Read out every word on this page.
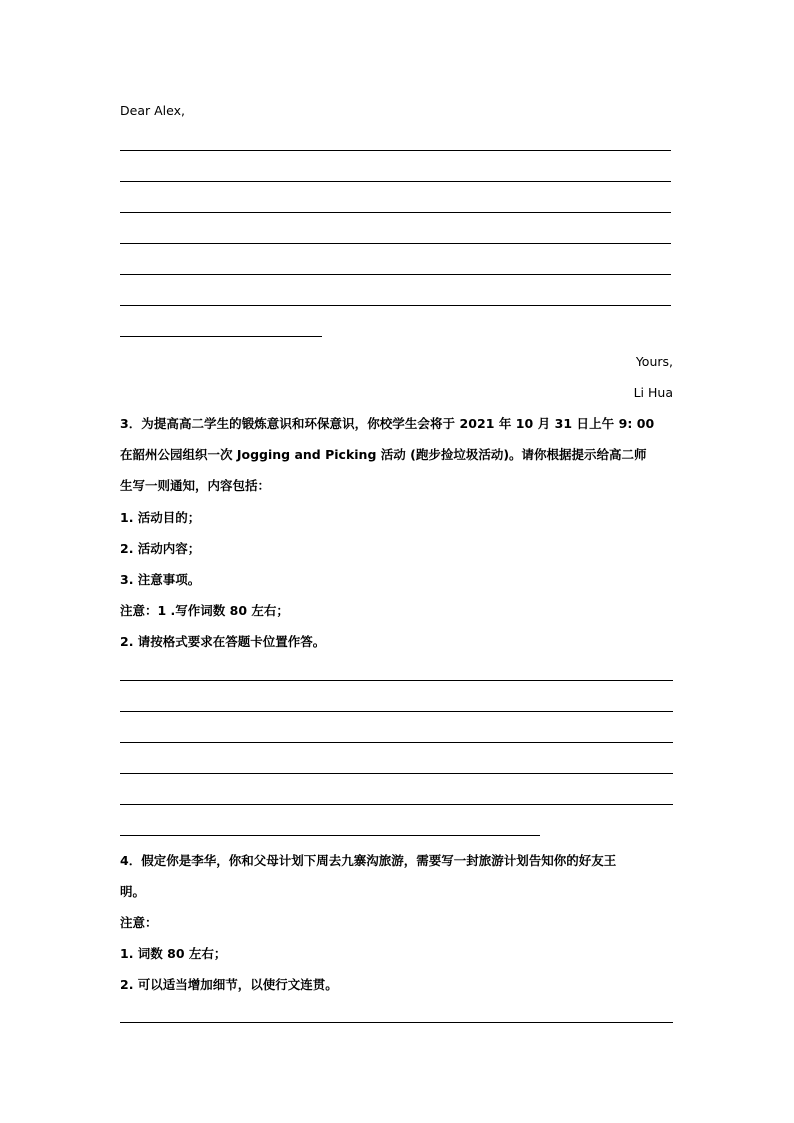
Dear Alex,
Yours,
Li Hua
3．为提高高二学生的锻炼意识和环保意识，你校学生会将于 2021 年 10 月 31 日上午 9: 00
在韶州公园组织一次 Jogging and Picking 活动 (跑步捡垃圾活动)。请你根据提示给高二师
生写一则通知，内容包括：
1. 活动目的；
2. 活动内容；
3. 注意事项。
注意：1 .写作词数 80 左右；
2. 请按格式要求在答题卡位置作答。
4．假定你是李华，你和父母计划下周去九寨沟旅游，需要写一封旅游计划告知你的好友王
明。
注意：
1. 词数 80 左右；
2. 可以适当增加细节，以使行文连贯。
